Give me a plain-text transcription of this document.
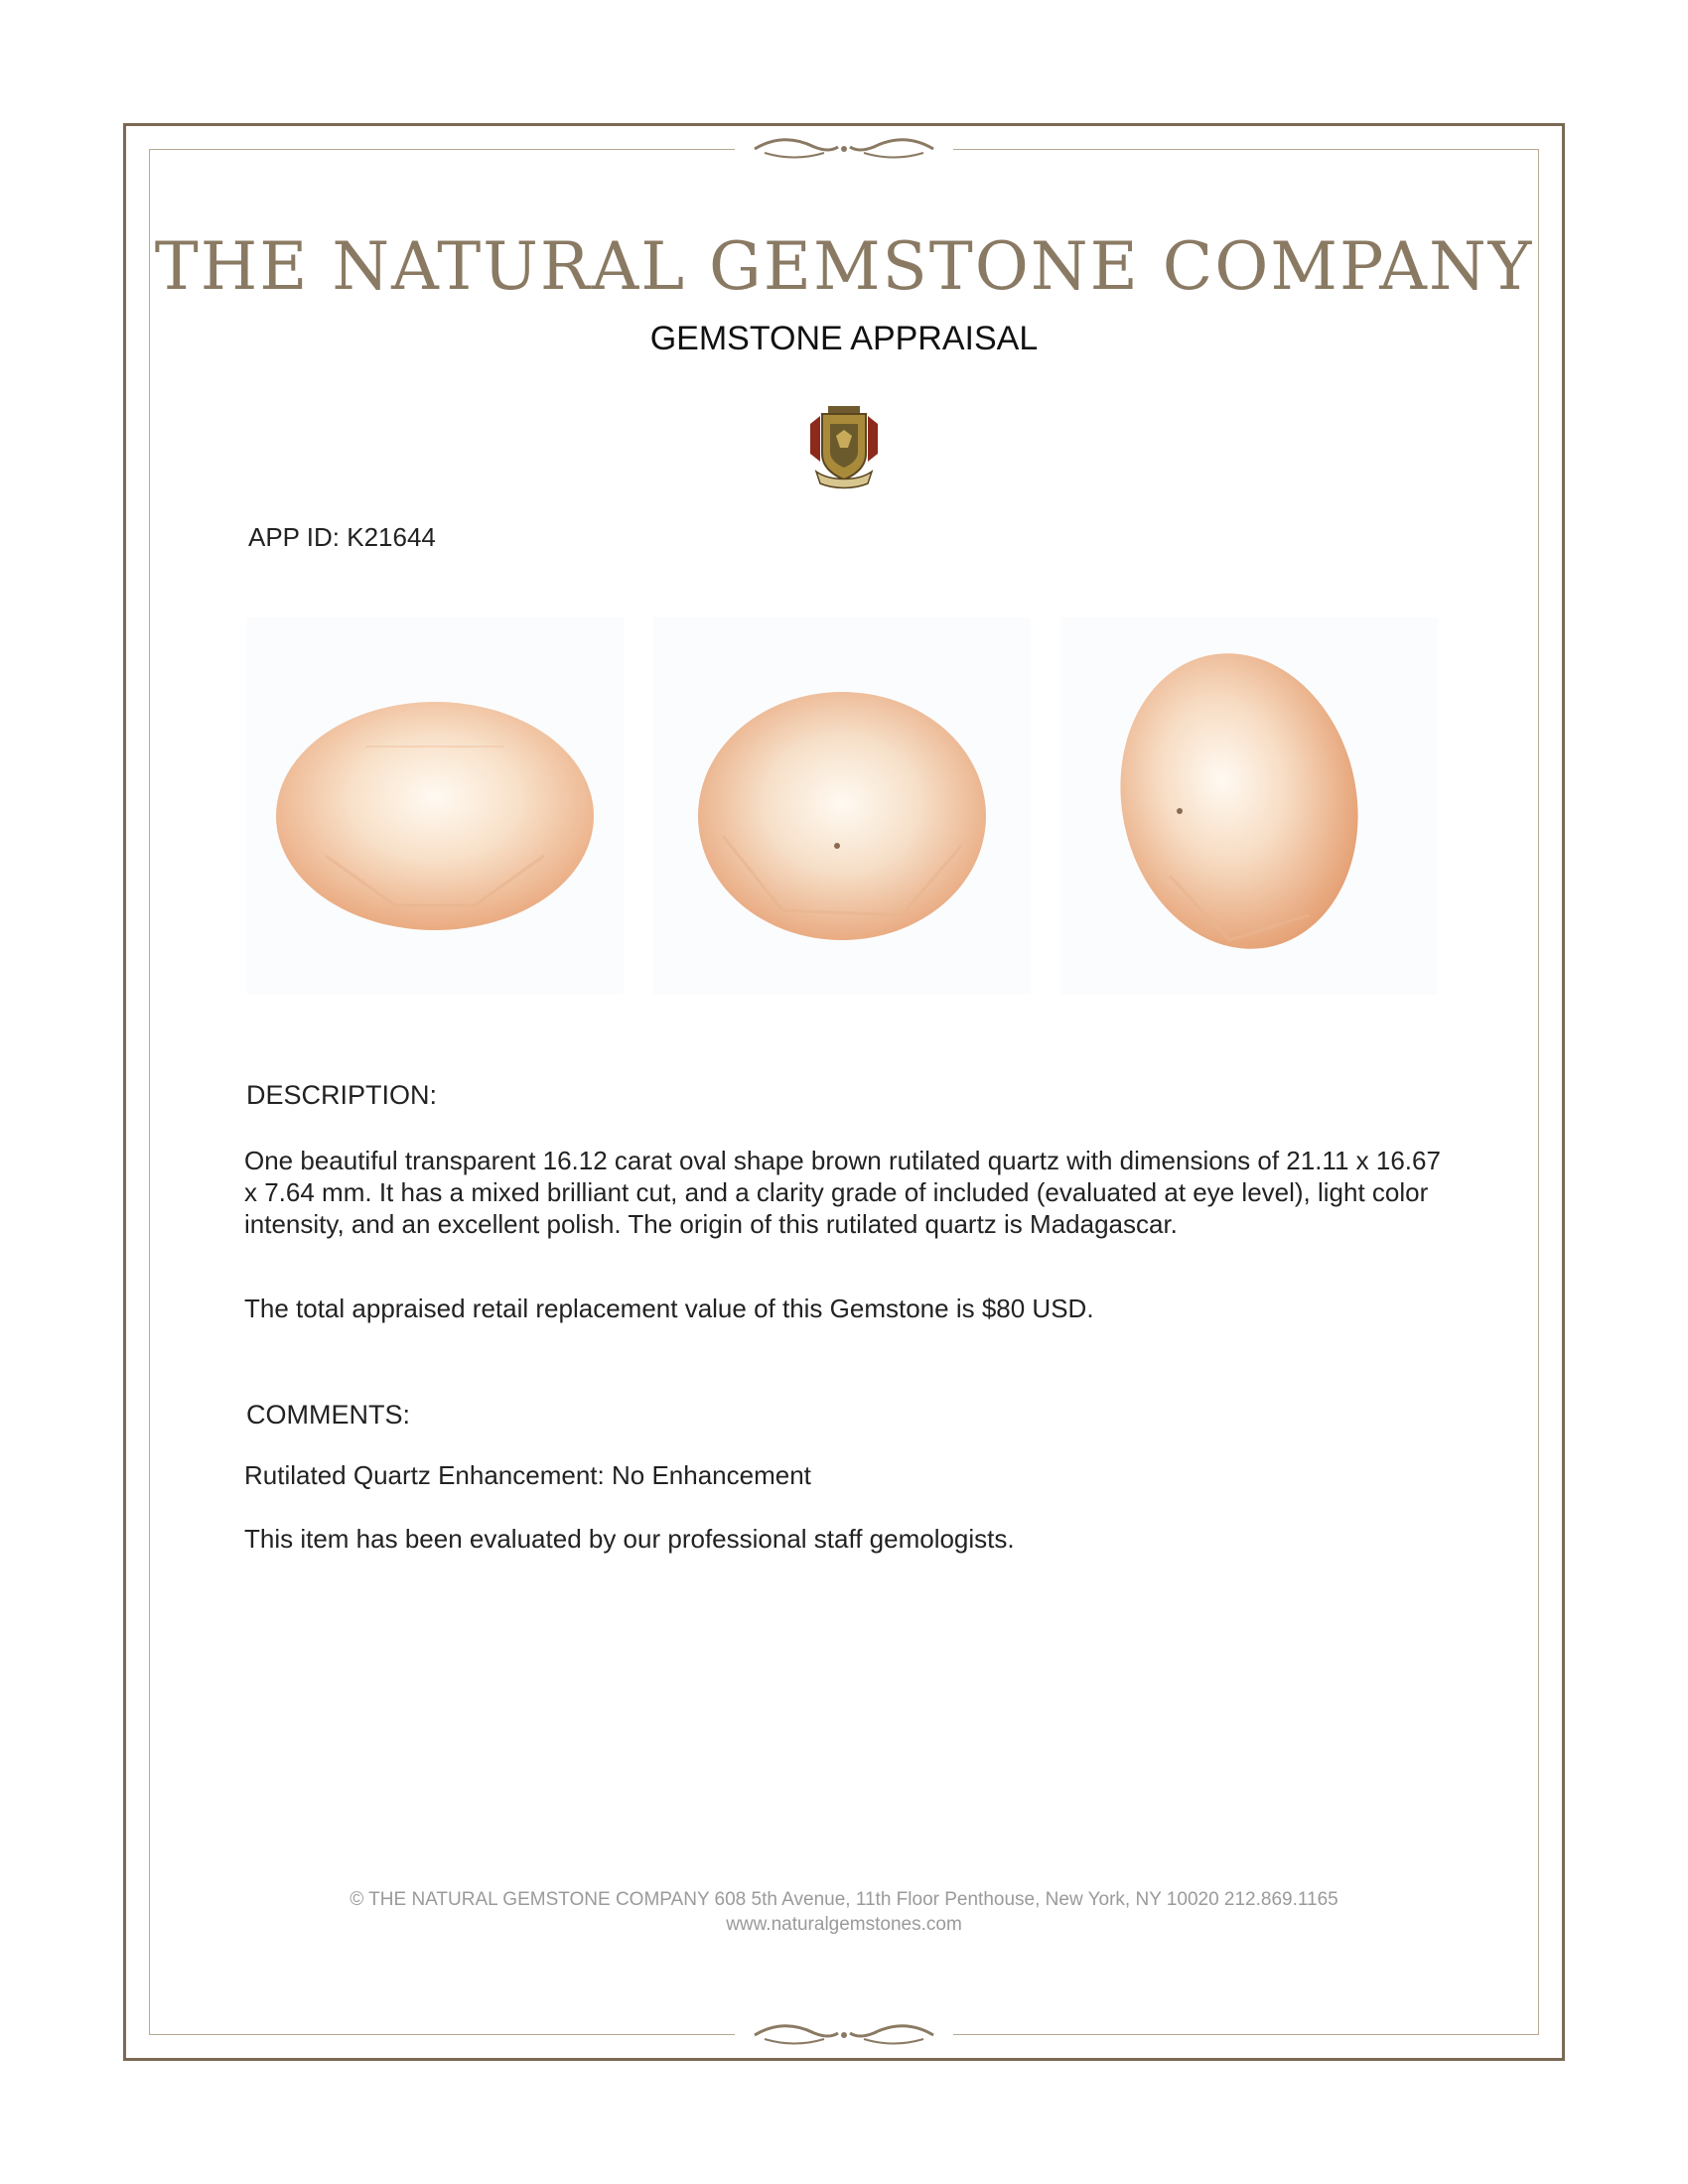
THE NATURAL GEMSTONE COMPANY
GEMSTONE APPRAISAL
APP ID: K21644
DESCRIPTION:
One beautiful transparent 16.12 carat oval shape brown rutilated quartz with dimensions of 21.11 x 16.67 x 7.64 mm. It has a mixed brilliant cut, and a clarity grade of included (evaluated at eye level), light color intensity, and an excellent polish. The origin of this rutilated quartz is Madagascar.
The total appraised retail replacement value of this Gemstone is $80 USD.
COMMENTS:
Rutilated Quartz Enhancement: No Enhancement
This item has been evaluated by our professional staff gemologists.
© THE NATURAL GEMSTONE COMPANY 608 5th Avenue, 11th Floor Penthouse, New York, NY 10020 212.869.1165
www.naturalgemstones.com
